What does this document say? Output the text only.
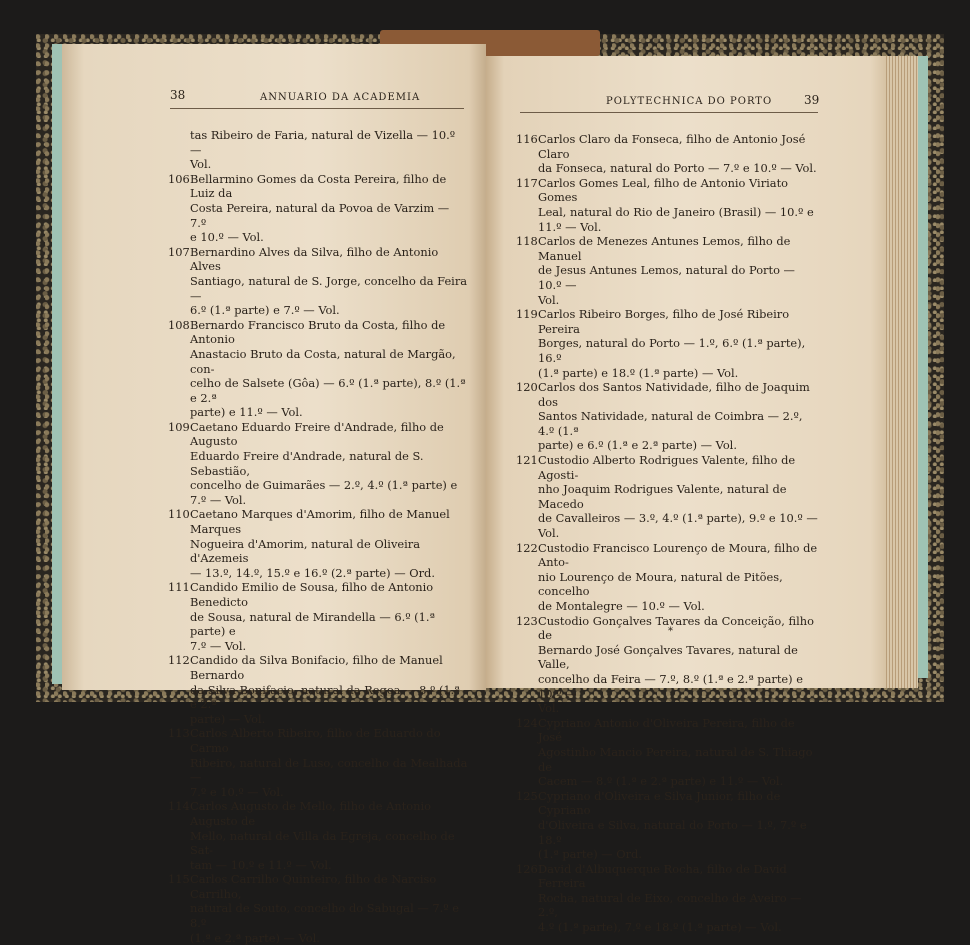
38	ANNUARIO DA ACADEMIA
tas Ribeiro de Faria, natural de Vizella — 10.º —
Vol.
106 Bellarmino Gomes da Costa Pereira, filho de Luiz da
Costa Pereira, natural da Povoa de Varzim — 7.º
e 10.º — Vol.
107 Bernardino Alves da Silva, filho de Antonio Alves
Santiago, natural de S. Jorge, concelho da Feira —
6.º (1.ª parte) e 7.º — Vol.
108 Bernardo Francisco Bruto da Costa, filho de Antonio
Anastacio Bruto da Costa, natural de Margão, con-
celho de Salsete (Gôa) — 6.º (1.ª parte), 8.º (1.ª e 2.ª
parte) e 11.º — Vol.
109 Caetano Eduardo Freire d'Andrade, filho de Augusto
Eduardo Freire d'Andrade, natural de S. Sebastião,
concelho de Guimarães — 2.º, 4.º (1.ª parte) e 7.º — Vol.
110 Caetano Marques d'Amorim, filho de Manuel Marques
Nogueira d'Amorim, natural de Oliveira d'Azemeis
— 13.º, 14.º, 15.º e 16.º (2.ª parte) — Ord.
111 Candido Emilio de Sousa, filho de Antonio Benedicto
de Sousa, natural de Mirandella — 6.º (1.ª parte) e
7.º — Vol.
112 Candido da Silva Bonifacio, filho de Manuel Bernardo
da Silva Bonifacio, natural da Regoa — 8.º (1.ª e 2.ª
parte) — Vol.
113 Carlos Alberto Ribeiro, filho de Eduardo do Carmo
Ribeiro, natural de Luso, concelho da Mealhada —
7.º e 10.º — Vol.
114 Carlos Augusto de Mello, filho de Antonio Augusto de
Mello, natural de Villa da Egreja, concelho de Sat-
tam — 10.º e 11.º — Vol.
115 Carlos Carrilho Quinteiro, filho de Narciso Carrilho,
natural de Souto, concelho do Sabugal — 7.º e 8.º
(1.ª e 2.ª parte) — Vol.
POLYTECHNICA DO PORTO	39
116 Carlos Claro da Fonseca, filho de Antonio José Claro
da Fonseca, natural do Porto — 7.º e 10.º — Vol.
117 Carlos Gomes Leal, filho de Antonio Viriato Gomes
Leal, natural do Rio de Janeiro (Brasil) — 10.º e
11.º — Vol.
118 Carlos de Menezes Antunes Lemos, filho de Manuel
de Jesus Antunes Lemos, natural do Porto — 10.º —
Vol.
119 Carlos Ribeiro Borges, filho de José Ribeiro Pereira
Borges, natural do Porto — 1.º, 6.º (1.ª parte), 16.º
(1.ª parte) e 18.º (1.ª parte) — Vol.
120 Carlos dos Santos Natividade, filho de Joaquim dos
Santos Natividade, natural de Coimbra — 2.º, 4.º (1.ª
parte) e 6.º (1.ª e 2.ª parte) — Vol.
121 Custodio Alberto Rodrigues Valente, filho de Agosti-
nho Joaquim Rodrigues Valente, natural de Macedo
de Cavalleiros — 3.º, 4.º (1.ª parte), 9.º e 10.º — Vol.
122 Custodio Francisco Lourenço de Moura, filho de Anto-
nio Lourenço de Moura, natural de Pitões, concelho
de Montalegre — 10.º — Vol.
123 Custodio Gonçalves Tavares da Conceição, filho de
Bernardo José Gonçalves Tavares, natural de Valle,
concelho da Feira — 7.º, 8.º (1.ª e 2.ª parte) e 10.º —
Vol.
124 Cypriano Antonio d'Oliveira Pereira, filho de José
Agostinho Mancio Pereira, natural de S. Thiago de
Cacem — 8.º (1.ª e 2.ª parte) e 11.º — Vol.
125 Cypriano d'Oliveira e Silva Junior, filho de Cypriano
d'Oliveira e Silva, natural do Porto — 1.º, 7.º e 18.º
(1.ª parte) — Ord.
126 David d'Albuquerque Rocha, filho de David Ferreira
Rocha, natural de Eixo, concelho de Aveiro — 2.º,
4.º (1.ª parte), 7.º e 18.º (1.ª parte) — Vol.
*
